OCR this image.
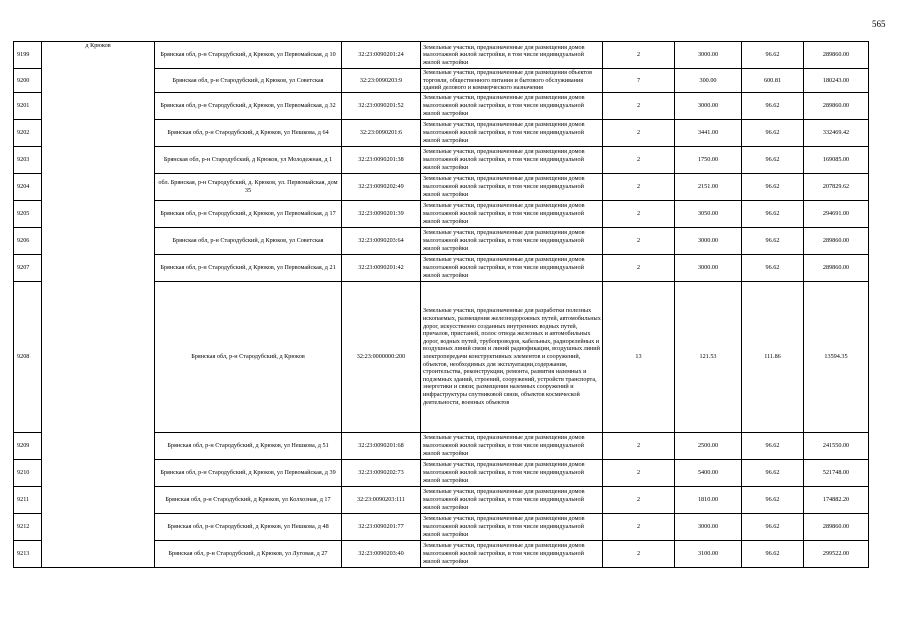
565
9199	д Крюков	Брянская обл, р-н Стародубский, д Крюков, ул Первомайская, д 10	32:23:0090201:24	Земельные участки, предназначенные для размещения домов малоэтажной жилой застройки, в том числе индивидуальной жилой застройки	2	3000.00	96.62	289860.00
9200		Брянская обл, р-н Стародубский, д Крюков, ул Советская	32:23:0090203:9	Земельные участки, предназначенные для размещения объектов торговли, общественного питания и бытового обслуживания зданий делового и коммерческого назначения	7	300.00	600.81	180243.00
9201		Брянская обл, р-н Стародубский, д Крюков, ул Первомайская, д 32	32:23:0090201:52	Земельные участки, предназначенные для размещения домов малоэтажной жилой застройки, в том числе индивидуальной жилой застройки	2	3000.00	96.62	289860.00
9202		Брянская обл, р-н Стародубский, д Крюков, ул Нешкова, д 64	32:23:0090201:6	Земельные участки, предназначенные для размещения домов малоэтажной жилой застройки, в том числе индивидуальной жилой застройки	2	3441.00	96.62	332469.42
9203		Брянская обл, р-н Стародубский, д Крюков, ул Молодежная, д 1	32:23:0090201:38	Земельные участки, предназначенные для размещения домов малоэтажной жилой застройки, в том числе индивидуальной жилой застройки	2	1750.00	96.62	169085.00
9204		обл. Брянская, р-н Стародубский, д. Крюков, ул. Первомайская, дом 35	32:23:0090202:49	Земельные участки, предназначенные для размещения домов малоэтажной жилой застройки, в том числе индивидуальной жилой застройки	2	2151.00	96.62	207829.62
9205		Брянская обл, р-н Стародубский, д Крюков, ул Первомайская, д 17	32:23:0090201:39	Земельные участки, предназначенные для размещения домов малоэтажной жилой застройки, в том числе индивидуальной жилой застройки	2	3050.00	96.62	294691.00
9206		Брянская обл, р-н Стародубский, д Крюков, ул Советская	32:23:0090203:64	Земельные участки, предназначенные для размещения домов малоэтажной жилой застройки, в том числе индивидуальной жилой застройки	2	3000.00	96.62	289860.00
9207		Брянская обл, р-н Стародубский, д Крюков, ул Первомайская, д 21	32:23:0090201:42	Земельные участки, предназначенные для размещения домов малоэтажной жилой застройки, в том числе индивидуальной жилой застройки	2	3000.00	96.62	289860.00
9208		Брянская обл, р-н Стародубский, д Крюков	32:23:0000000:200	Земельные участки, предназначенные для разработки полезных ископаемых, размещения железнодорожных путей, автомобильных дорог, искусственно созданных внутренних водных путей, причалов, пристаней, полос отвода железных и автомобильных дорог, водных путей, трубопроводов, кабельных, радиорелейных и воздушных линий связи и линий радиофикации, воздушных линий электропередачи конструктивных элементов и сооружений, объектов, необходимых для эксплуатации,содержания, строительства, реконструкции, ремонта, развития наземных и подземных зданий, строений, сооружений, устройств транспорта, энергетики и связи; размещения наземных сооружений и инфраструктуры спутниковой связи, объектов космической деятельности, военных объектов	13	121.53	111.86	13594.35
9209		Брянская обл, р-н Стародубский, д Крюков, ул Нешкова, д 51	32:23:0090201:68	Земельные участки, предназначенные для размещения домов малоэтажной жилой застройки, в том числе индивидуальной жилой застройки	2	2500.00	96.62	241550.00
9210		Брянская обл, р-н Стародубский, д Крюков, ул Первомайская, д 39	32:23:0090202:73	Земельные участки, предназначенные для размещения домов малоэтажной жилой застройки, в том числе индивидуальной жилой застройки	2	5400.00	96.62	521748.00
9211		Брянская обл, р-н Стародубский, д Крюков, ул Колхозная, д 17	32:23:0090203:111	Земельные участки, предназначенные для размещения домов малоэтажной жилой застройки, в том числе индивидуальной жилой застройки	2	1810.00	96.62	174882.20
9212		Брянская обл, р-н Стародубский, д Крюков, ул Нешкова, д 48	32:23:0090201:77	Земельные участки, предназначенные для размещения домов малоэтажной жилой застройки, в том числе индивидуальной жилой застройки	2	3000.00	96.62	289860.00
9213		Брянская обл, р-н Стародубский, д Крюков, ул Луговая, д 27	32:23:0090203:40	Земельные участки, предназначенные для размещения домов малоэтажной жилой застройки, в том числе индивидуальной жилой застройки	2	3100.00	96.62	299522.00
